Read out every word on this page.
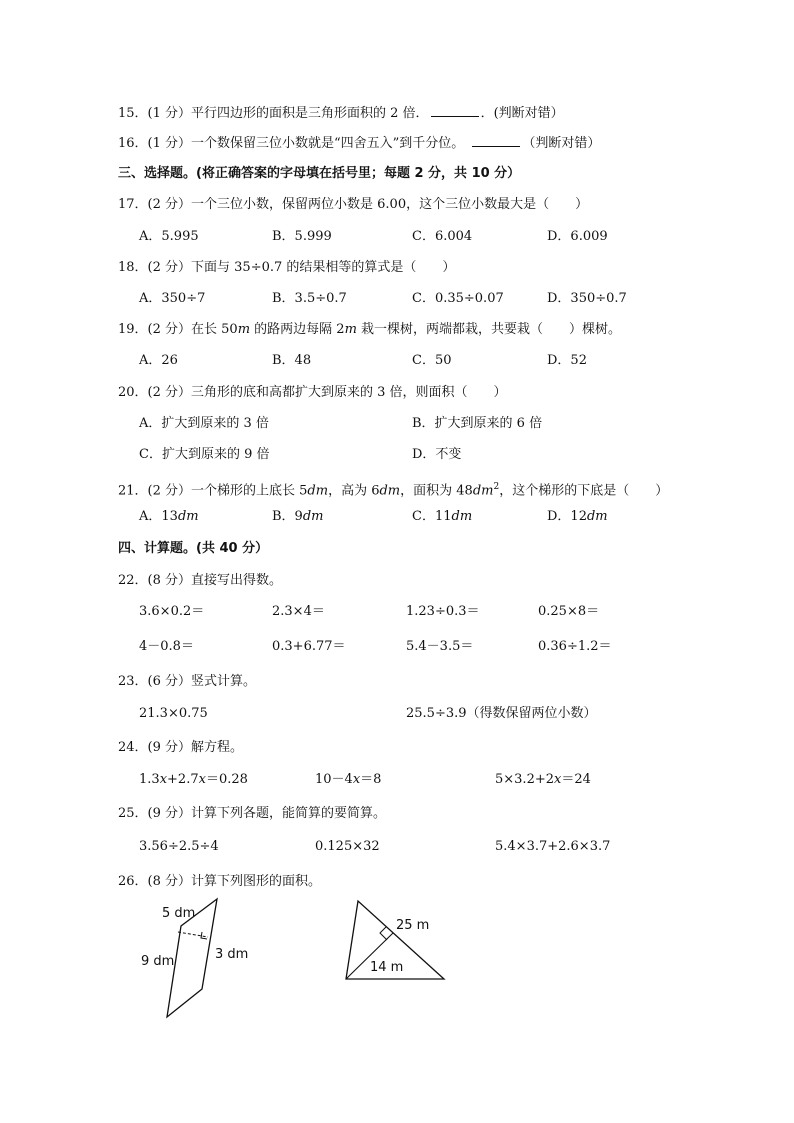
15．(1 分）平行四边形的面积是三角形面积的 2 倍．	．(判断对错）
16．(1 分）一个数保留三位小数就是“四舍五入”到千分位。	（判断对错）
三、选择题。(将正确答案的字母填在括号里；每题 2 分，共 10 分）
17．(2 分）一个三位小数，保留两位小数是 6.00，这个三位小数最大是（　　）
A．5.995	B．5.999	C．6.004	D．6.009
18．(2 分）下面与 35÷0.7 的结果相等的算式是（　　）
A．350÷7	B．3.5÷0.7	C．0.35÷0.07	D．350÷0.7
19．(2 分）在长 50m 的路两边每隔 2m 栽一棵树，两端都栽，共要栽（　　）棵树。
A．26	B．48	C．50	D．52
20．(2 分）三角形的底和高都扩大到原来的 3 倍，则面积（　　）
A．扩大到原来的 3 倍	B．扩大到原来的 6 倍
C．扩大到原来的 9 倍	D．不变
21．(2 分）一个梯形的上底长 5dm，高为 6dm，面积为 $48dm^2$，这个梯形的下底是（　　）
A．13dm	B．9dm	C．11dm	D．12dm
四、计算题。(共 40 分）
22．(8 分）直接写出得数。
3.6×0.2＝	2.3×4＝	1.23÷0.3＝	0.25×8＝
4－0.8＝	0.3+6.77＝	5.4－3.5＝	0.36÷1.2＝
23．(6 分）竖式计算。
21.3×0.75	25.5÷3.9（得数保留两位小数）
24．(9 分）解方程。
1.3x+2.7x＝0.28	10－4x＝8	5×3.2+2x＝24
25．(9 分）计算下列各题，能简算的要简算。
3.56÷2.5÷4	0.125×32	5.4×3.7+2.6×3.7
26．(8 分）计算下列图形的面积。
5 dm
9 dm	3 dm
25 m
14 m
